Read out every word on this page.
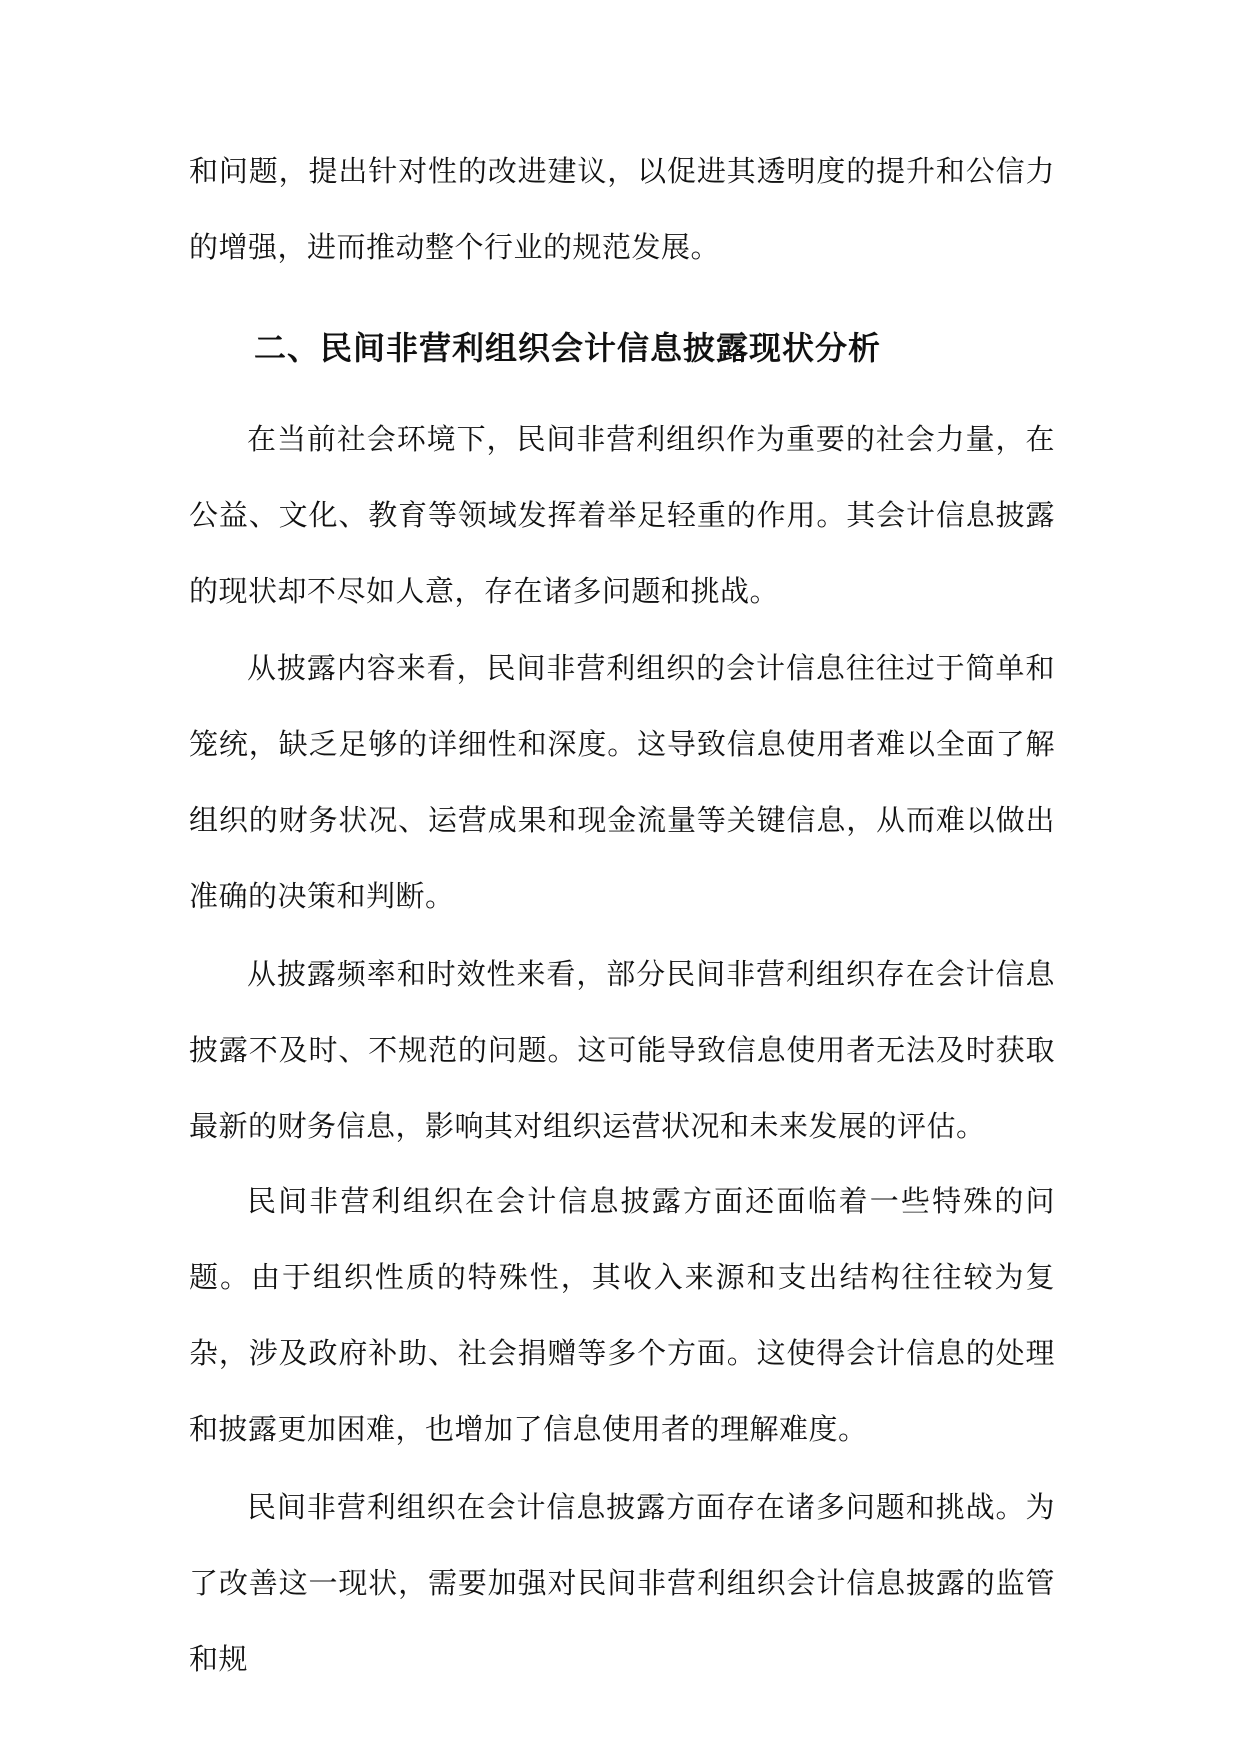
和问题，提出针对性的改进建议，以促进其透明度的提升和公信力的增强，进而推动整个行业的规范发展。

二、民间非营利组织会计信息披露现状分析

在当前社会环境下，民间非营利组织作为重要的社会力量，在公益、文化、教育等领域发挥着举足轻重的作用。其会计信息披露的现状却不尽如人意，存在诸多问题和挑战。

从披露内容来看，民间非营利组织的会计信息往往过于简单和笼统，缺乏足够的详细性和深度。这导致信息使用者难以全面了解组织的财务状况、运营成果和现金流量等关键信息，从而难以做出准确的决策和判断。

从披露频率和时效性来看，部分民间非营利组织存在会计信息披露不及时、不规范的问题。这可能导致信息使用者无法及时获取最新的财务信息，影响其对组织运营状况和未来发展的评估。

民间非营利组织在会计信息披露方面还面临着一些特殊的问题。由于组织性质的特殊性，其收入来源和支出结构往往较为复杂，涉及政府补助、社会捐赠等多个方面。这使得会计信息的处理和披露更加困难，也增加了信息使用者的理解难度。

民间非营利组织在会计信息披露方面存在诸多问题和挑战。为了改善这一现状，需要加强对民间非营利组织会计信息披露的监管和规
